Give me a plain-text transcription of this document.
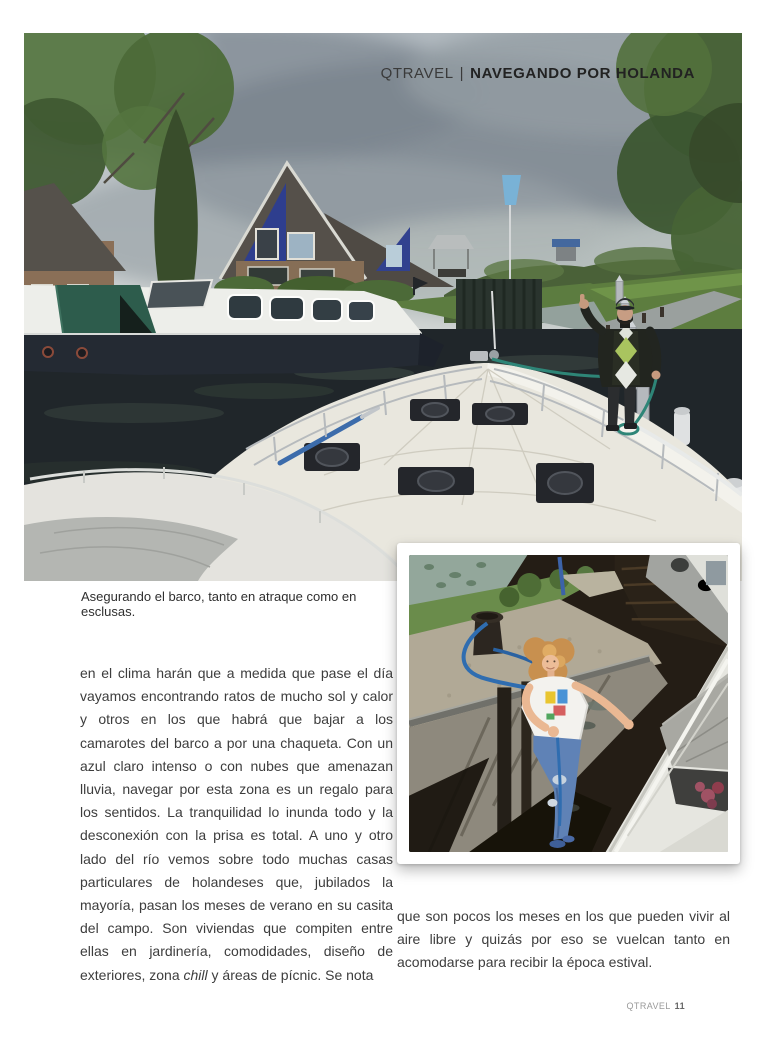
QTRAVEL | NAVEGANDO POR HOLANDA
Asegurando el barco, tanto en atraque como en esclusas.
en el clima harán que a medida que pase el día vayamos encontrando ratos de mucho sol y calor y otros en los que habrá que bajar a los camarotes del barco a por una chaqueta. Con un azul claro intenso o con nubes que amenazan lluvia, navegar por esta zona es un regalo para los sentidos. La tranquilidad lo inunda todo y la desconexión con la prisa es total. A uno y otro lado del río vemos sobre todo muchas casas particulares de holandeses que, jubilados la mayoría, pasan los meses de verano en su casita del campo. Son viviendas que compiten entre ellas en jardinería, comodidades, diseño de exteriores, zona chill y áreas de pícnic. Se nota
que son pocos los meses en los que pueden vivir al aire libre y quizás por eso se vuelcan tanto en acomodarse para recibir la época estival.
QTRAVEL 11
